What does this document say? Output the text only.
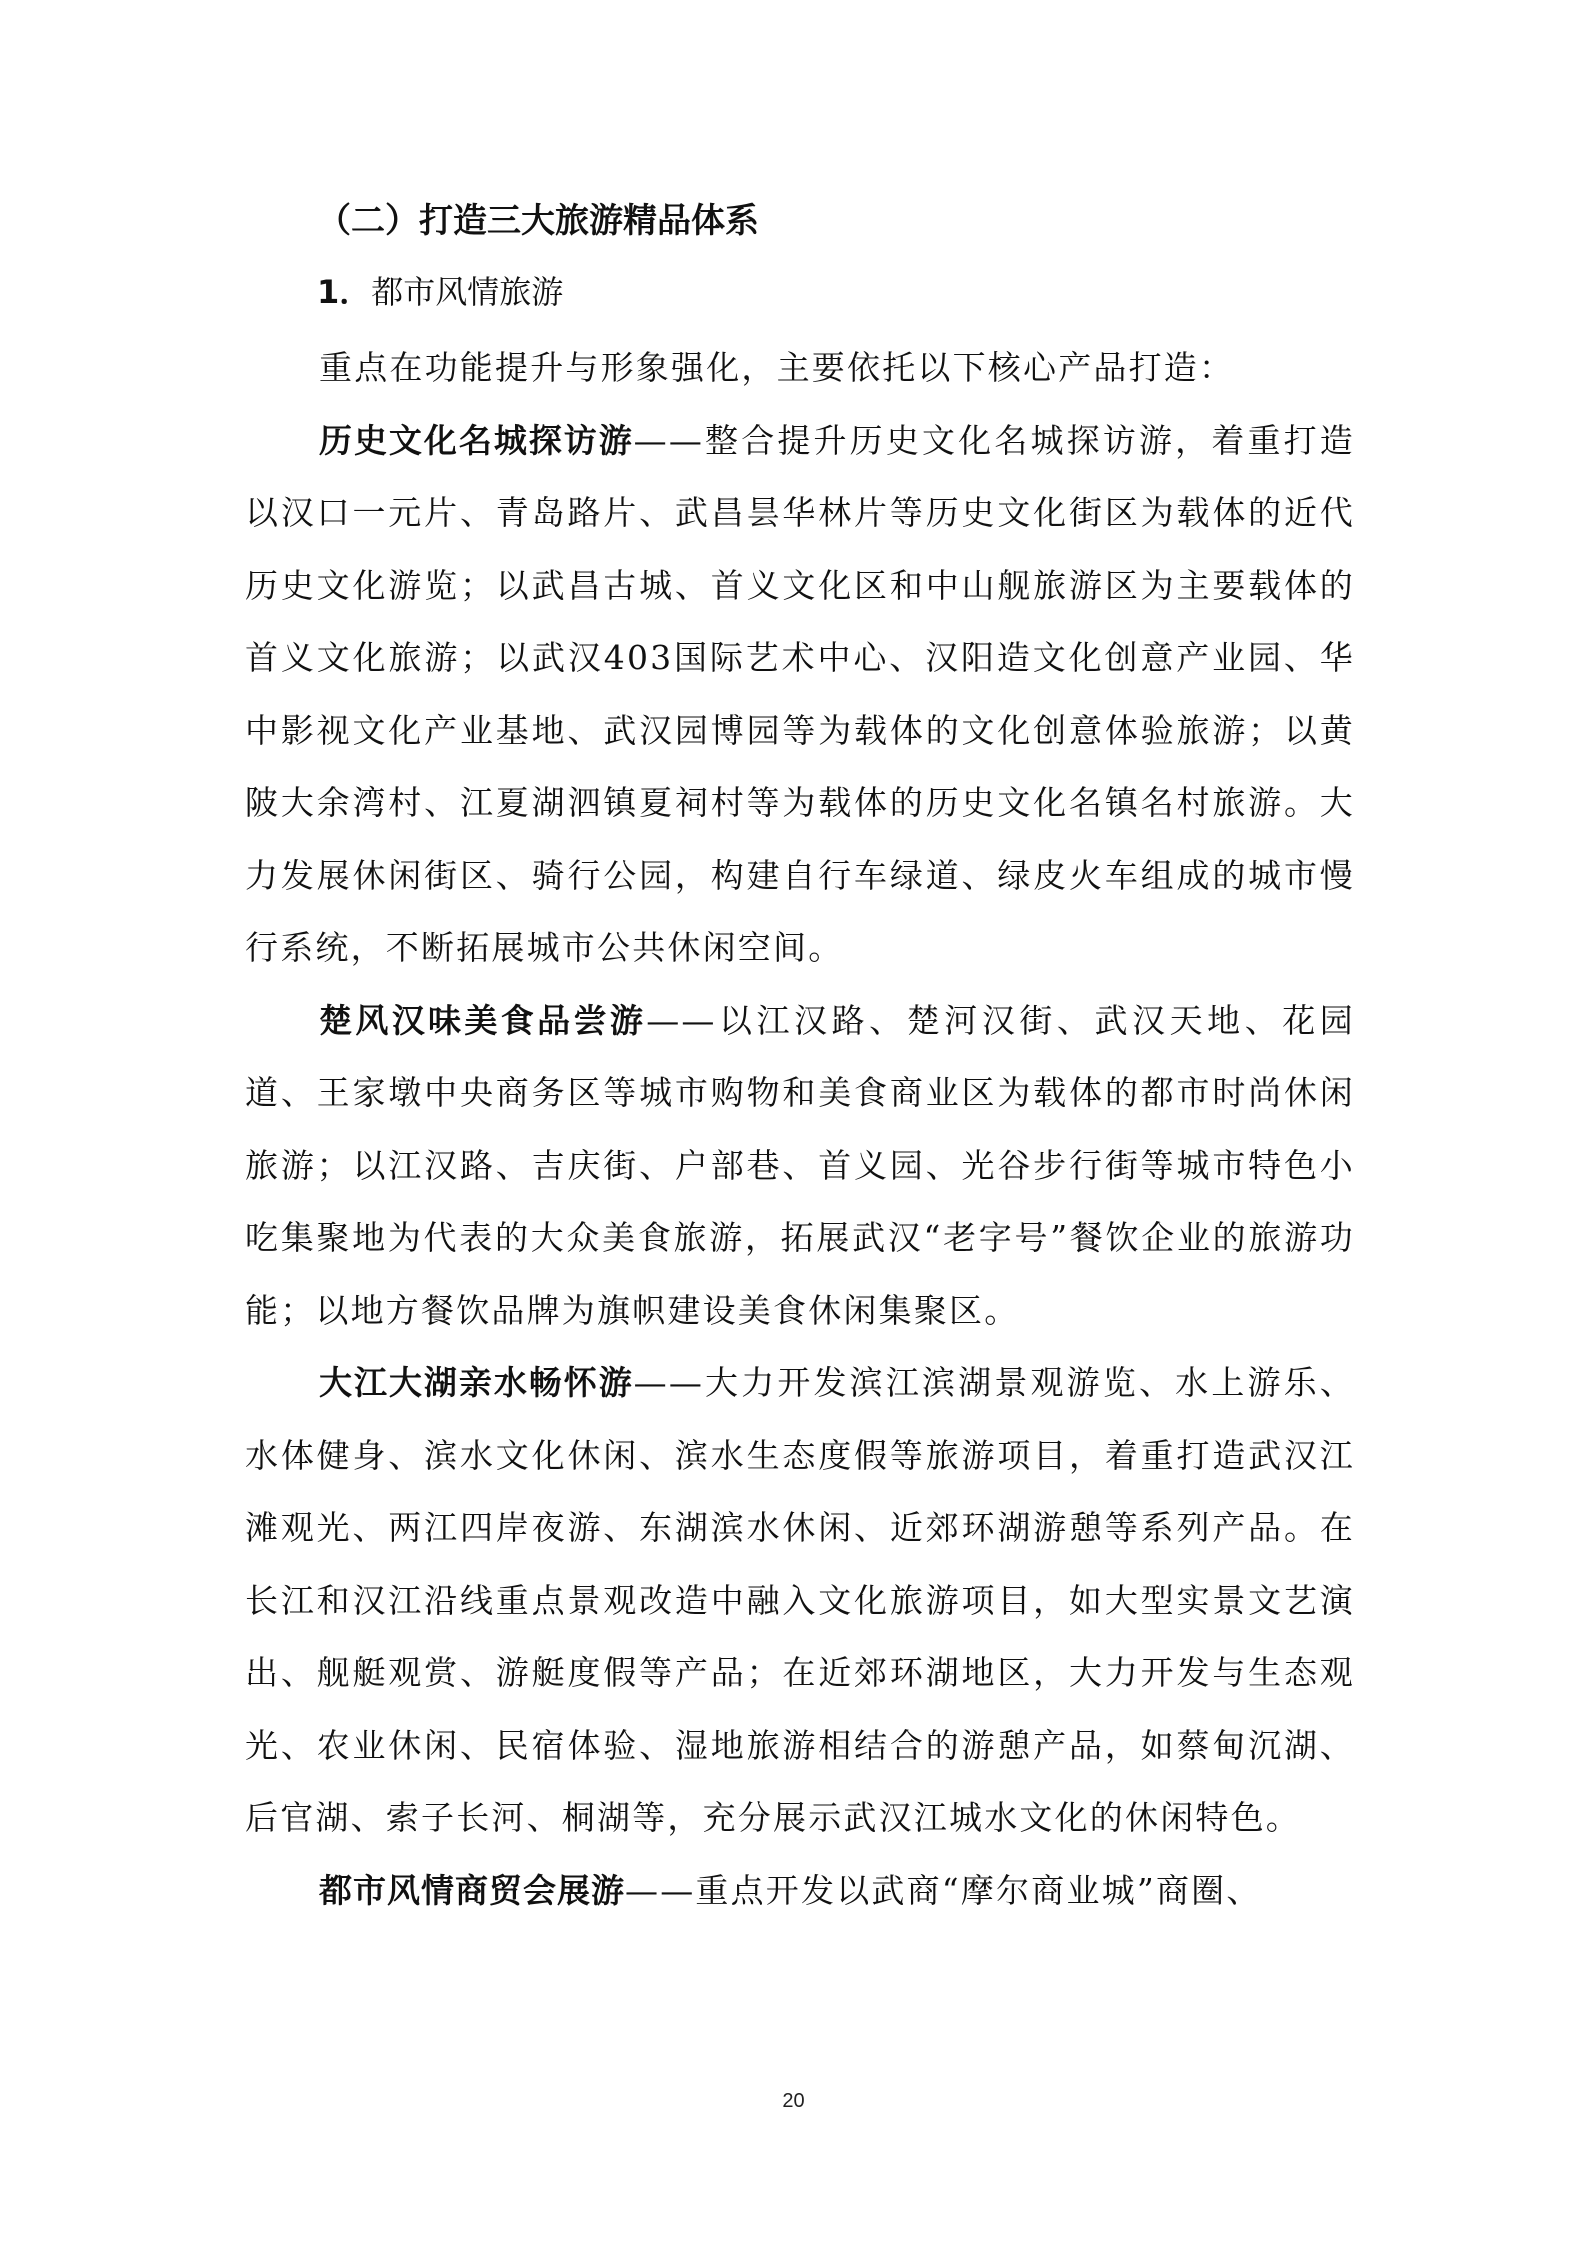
（二）打造三大旅游精品体系
1．都市风情旅游

重点在功能提升与形象强化，主要依托以下核心产品打造：

历史文化名城探访游——整合提升历史文化名城探访游，着重打造以汉口一元片、青岛路片、武昌昙华林片等历史文化街区为载体的近代历史文化游览；以武昌古城、首义文化区和中山舰旅游区为主要载体的首义文化旅游；以武汉403国际艺术中心、汉阳造文化创意产业园、华中影视文化产业基地、武汉园博园等为载体的文化创意体验旅游；以黄陂大余湾村、江夏湖泗镇夏祠村等为载体的历史文化名镇名村旅游。大力发展休闲街区、骑行公园，构建自行车绿道、绿皮火车组成的城市慢行系统，不断拓展城市公共休闲空间。

楚风汉味美食品尝游——以江汉路、楚河汉街、武汉天地、花园道、王家墩中央商务区等城市购物和美食商业区为载体的都市时尚休闲旅游；以江汉路、吉庆街、户部巷、首义园、光谷步行街等城市特色小吃集聚地为代表的大众美食旅游，拓展武汉“老字号”餐饮企业的旅游功能；以地方餐饮品牌为旗帜建设美食休闲集聚区。

大江大湖亲水畅怀游——大力开发滨江滨湖景观游览、水上游乐、水体健身、滨水文化休闲、滨水生态度假等旅游项目，着重打造武汉江滩观光、两江四岸夜游、东湖滨水休闲、近郊环湖游憩等系列产品。在长江和汉江沿线重点景观改造中融入文化旅游项目，如大型实景文艺演出、舰艇观赏、游艇度假等产品；在近郊环湖地区，大力开发与生态观光、农业休闲、民宿体验、湿地旅游相结合的游憩产品，如蔡甸沉湖、后官湖、索子长河、桐湖等，充分展示武汉江城水文化的休闲特色。

都市风情商贸会展游——重点开发以武商“摩尔商业城”商圈、

20
